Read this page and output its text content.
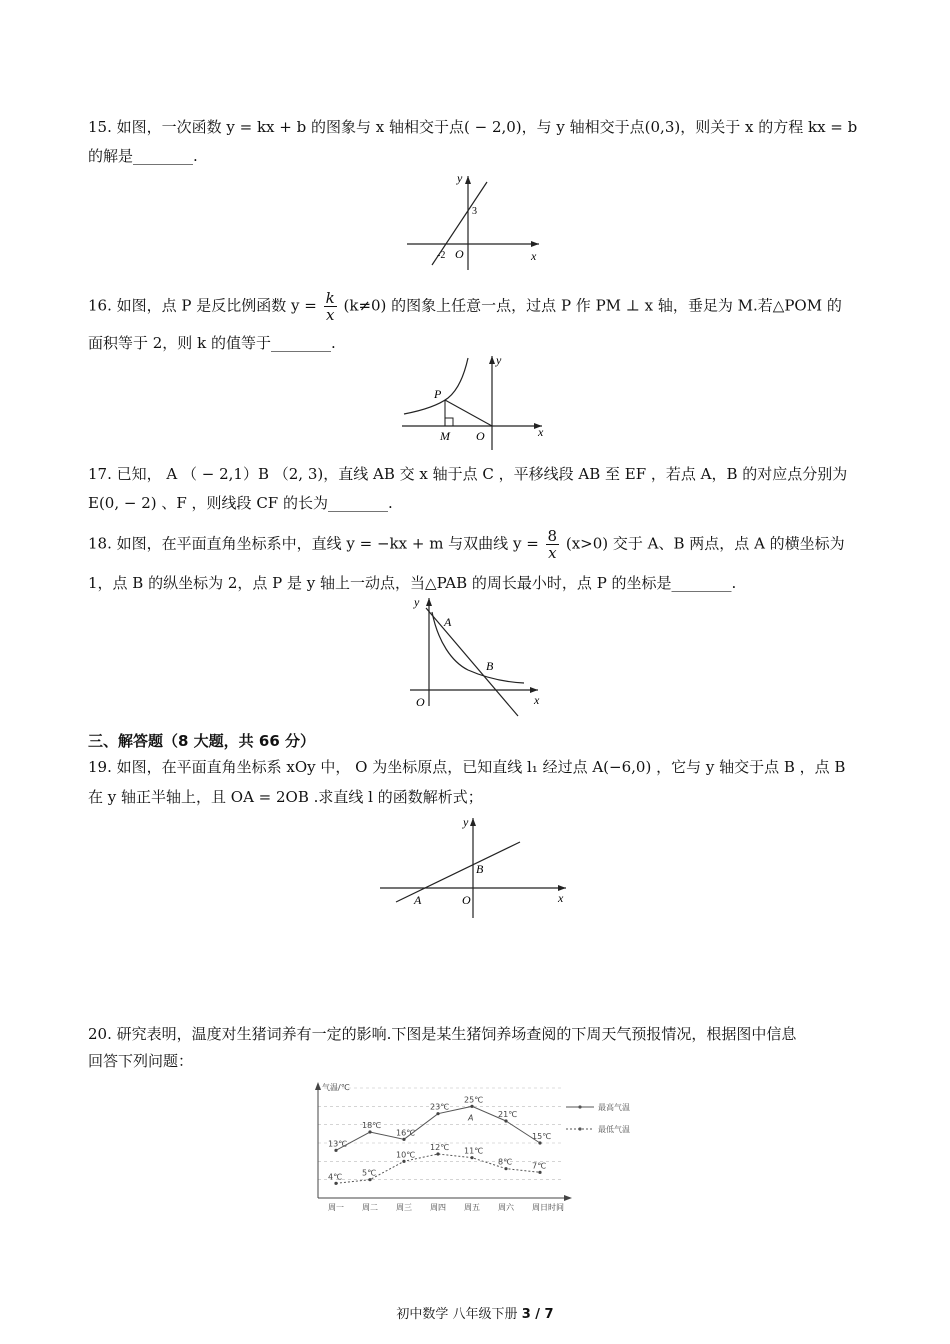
15. 如图，一次函数 y = kx + b 的图象与 x 轴相交于点( − 2,0)，与 y 轴相交于点(0,3)，则关于 x 的方程 kx = b
的解是________.
y
x
O
-2
3
16. 如图，点 P 是反比例函数 $y = \frac{k}{x} (k\ne 0)$ 的图象上任意一点，过点 P 作 PM ⊥ x 轴，垂足为 M.若△POM 的
面积等于 2，则 k 的值等于________.
P
M O
y
x
17. 已知， A （ − 2,1）B （2, 3)，直线 AB 交 x 轴于点 C ，平移线段 AB 至 EF ，若点 A，B 的对应点分别为
E(0, − 2) 、F ，则线段 CF 的长为________.
18. 如图，在平面直角坐标系中，直线 y = −kx + m 与双曲线 $y = \frac{8}{x} (x>0)$ 交于 A、B 两点，点 A 的横坐标为
1，点 B 的纵坐标为 2，点 P 是 y 轴上一动点，当△PAB 的周长最小时，点 P 的坐标是________.
y
x
O
A
B
三、解答题（8 大题，共 66 分）
19. 如图，在平面直角坐标系 xOy 中， O 为坐标原点，已知直线 l₁ 经过点 A(−6,0) ，它与 y 轴交于点 B ，点 B
在 y 轴正半轴上，且 OA = 2OB .求直线 l 的函数解析式；
y
x
O
A
B
20. 研究表明，温度对生猪词养有一定的影响.下图是某生猪饲养场查阅的下周天气预报情况，根据图中信息
回答下列问题：
气温/℃
时间
13℃
18℃
16℃
23℃
25℃
21℃
15℃
4℃ 5℃
10℃
12℃ 11℃
8℃ 7℃
周一 周二 周三 周四 周五 周六 周日
A
最高气温
最低气温
初中数学 八年级下册 3 / 7
